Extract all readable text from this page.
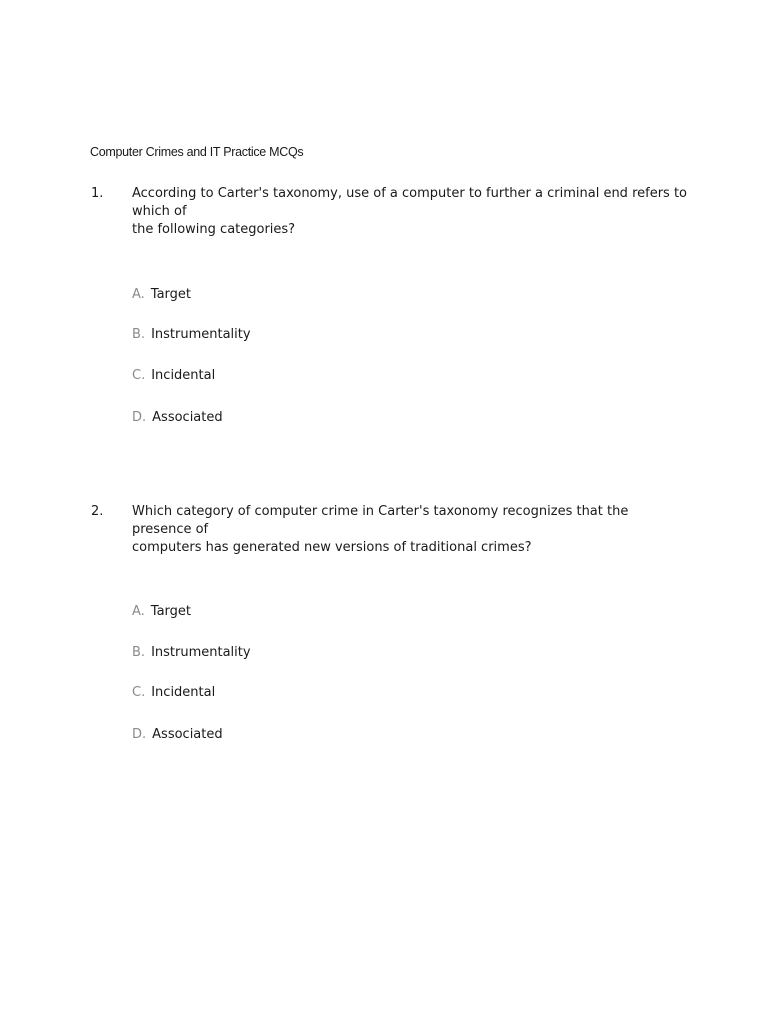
Computer Crimes and IT Practice MCQs
1. According to Carter's taxonomy, use of a computer to further a criminal end refers to
which of
the following categories?
A. Target
B. Instrumentality
C. Incidental
D. Associated
2. Which category of computer crime in Carter's taxonomy recognizes that the
presence of
computers has generated new versions of traditional crimes?
A. Target
B. Instrumentality
C. Incidental
D. Associated
